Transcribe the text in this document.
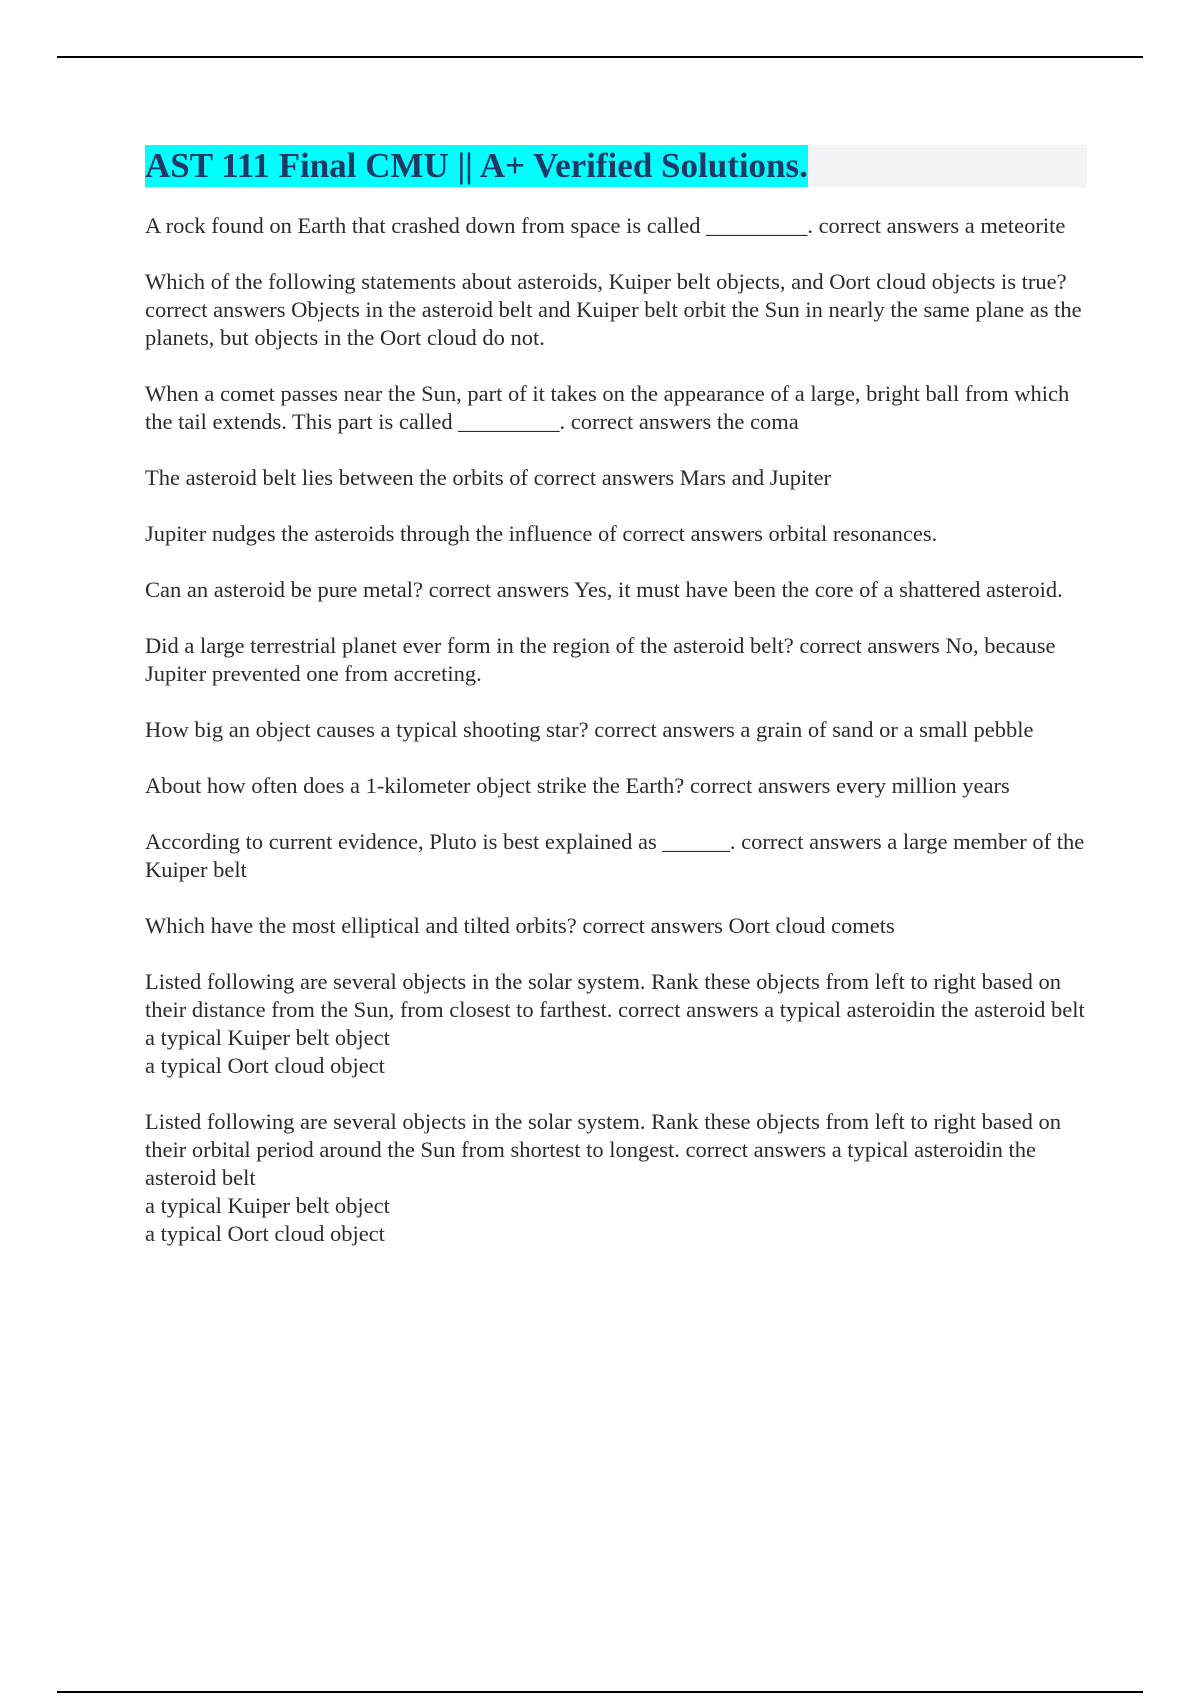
AST 111 Final CMU || A+ Verified Solutions.

A rock found on Earth that crashed down from space is called _________. correct answers a meteorite

Which of the following statements about asteroids, Kuiper belt objects, and Oort cloud objects is true? correct answers Objects in the asteroid belt and Kuiper belt orbit the Sun in nearly the same plane as the planets, but objects in the Oort cloud do not.

When a comet passes near the Sun, part of it takes on the appearance of a large, bright ball from which the tail extends. This part is called _________. correct answers the coma

The asteroid belt lies between the orbits of correct answers Mars and Jupiter

Jupiter nudges the asteroids through the influence of correct answers orbital resonances.

Can an asteroid be pure metal? correct answers Yes, it must have been the core of a shattered asteroid.

Did a large terrestrial planet ever form in the region of the asteroid belt? correct answers No, because Jupiter prevented one from accreting.

How big an object causes a typical shooting star? correct answers a grain of sand or a small pebble

About how often does a 1-kilometer object strike the Earth? correct answers every million years

According to current evidence, Pluto is best explained as ______. correct answers a large member of the Kuiper belt

Which have the most elliptical and tilted orbits? correct answers Oort cloud comets

Listed following are several objects in the solar system. Rank these objects from left to right based on their distance from the Sun, from closest to farthest. correct answers a typical asteroidin the asteroid belt
a typical Kuiper belt object
a typical Oort cloud object

Listed following are several objects in the solar system. Rank these objects from left to right based on their orbital period around the Sun from shortest to longest. correct answers a typical asteroidin the asteroid belt
a typical Kuiper belt object
a typical Oort cloud object
